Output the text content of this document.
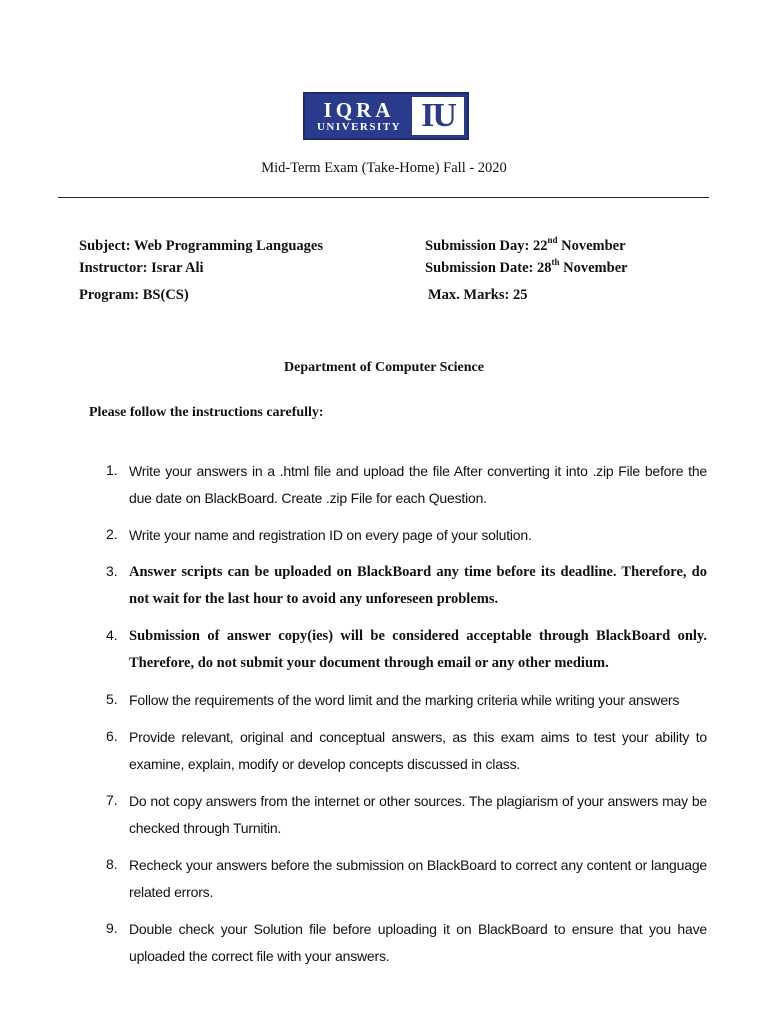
IQRA
UNIVERSITY IU
Mid-Term Exam (Take-Home) Fall - 2020
Subject: Web Programming Languages
Instructor: Israr Ali
Program: BS(CS)
Submission Day: 22nd November
Submission Date: 28th November
Max. Marks: 25
Department of Computer Science
Please follow the instructions carefully:
1. Write your answers in a .html file and upload the file After converting it into .zip File before the due date on BlackBoard. Create .zip File for each Question.
2. Write your name and registration ID on every page of your solution.
3. Answer scripts can be uploaded on BlackBoard any time before its deadline. Therefore, do not wait for the last hour to avoid any unforeseen problems.
4. Submission of answer copy(ies) will be considered acceptable through BlackBoard only. Therefore, do not submit your document through email or any other medium.
5. Follow the requirements of the word limit and the marking criteria while writing your answers
6. Provide relevant, original and conceptual answers, as this exam aims to test your ability to examine, explain, modify or develop concepts discussed in class.
7. Do not copy answers from the internet or other sources. The plagiarism of your answers may be checked through Turnitin.
8. Recheck your answers before the submission on BlackBoard to correct any content or language related errors.
9. Double check your Solution file before uploading it on BlackBoard to ensure that you have uploaded the correct file with your answers.
